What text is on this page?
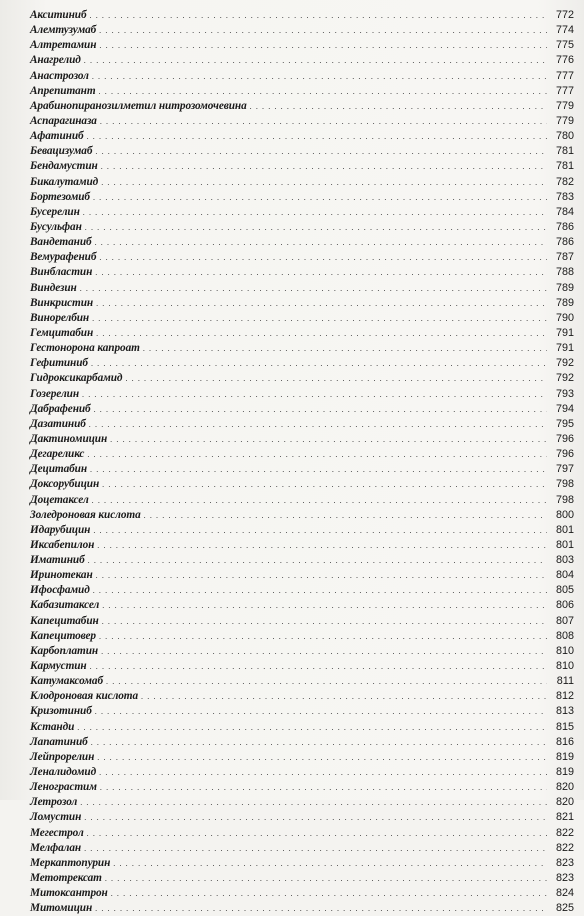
Акситиниб . . .	772
Алемтузумаб . . .	774
Алтретамин . . .	775
Анагрелид . . .	776
Анастрозол . . .	777
Апрепитант . . .	777
Арабинопиранозилметил нитрозомочевина . . .	779
Аспарагиназа . . .	779
Афатиниб . . .	780
Бевацизумаб . . .	781
Бендамустин . . .	781
Бикалутамид . . .	782
Бортезомиб . . .	783
Бусерелин . . .	784
Бусульфан . . .	786
Вандетаниб . . .	786
Вемурафениб . . .	787
Винбластин . . .	788
Виндезин . . .	789
Винкристин . . .	789
Винорелбин . . .	790
Гемцитабин . . .	791
Гестонорона капроат . . .	791
Гефитиниб . . .	792
Гидроксикарбамид . . .	792
Гозерелин . . .	793
Дабрафениб . . .	794
Дазатиниб . . .	795
Дактиномицин . . .	796
Дегареликс . . .	796
Децитабин . . .	797
Доксорубицин . . .	798
Доцетаксел . . .	798
Золедроновая кислота . . .	800
Идарубицин . . .	801
Иксабепилон . . .	801
Иматиниб . . .	803
Иринотекан . . .	804
Ифосфамид . . .	805
Кабазитаксел . . .	806
Капецитабин . . .	807
Капецитовер . . .	808
Карбоплатин . . .	810
Кармустин . . .	810
Катумаксомаб . . .	811
Клодроновая кислота . . .	812
Кризотиниб . . .	813
Кстанди . . .	815
Лапатиниб . . .	816
Лейпрорелин . . .	819
Леналидомид . . .	819
Ленограстим . . .	820
Летрозол . . .	820
Ломустин . . .	821
Мегестрол . . .	822
Мелфалан . . .	822
Меркаптопурин . . .	823
Метотрексат . . .	823
Митоксантрон . . .	824
Митомицин . . .	825
